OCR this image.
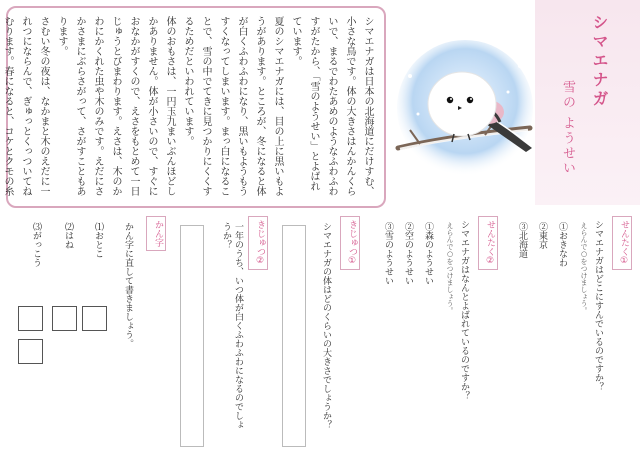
シマエナガ
雪の ようせい

シマエナガは日本の北海道にだけすむ、小さな鳥です。体の大きさはんかんくらいで、まるでわたあめのようなふわふわすがたから、「雪のようせい」とよばれています。

夏のシマエナガには、目の上に黒いもようがあります。ところが、冬になると体が白くふわふわになり、黒いもようもうすくなってしまいます。まっ白になることで、雪の中でてきに見つかりにくくするためだといわれています。

体のおもさは、一円玉九まいぶんほどしかありません。体が小さいので、すぐにおなかがすくので、えさをもとめて一日じゅうとびまわります。えさは、木のかわにかくれた虫や木のみです。えだにさかさまにぶらさがって、さがすこともあります。

さむい冬の夜は、なかまと木のえだに一れつにならんで、ぎゅっとくっついてねむります。春になると、コケとクモの糸

せんたく①
シマエナガはどこにすんでいるのですか？
えらんで○をつけましょう。
①おきなわ
②東京
③北海道
せんたく②
シマエナガはなんとよばれているのですか？
えらんで○をつけましょう。
①森のようせい
②空のようせい
③雪のようせい
きじゅつ①
シマエナガの体はどのくらいの大きさでしょうか？
きじゅつ②
一年のうち、いつ体が白くふわふわになるのでしょうか？
かん字
かん字に直して書きましょう。
⑴おとこ
⑵はね
⑶がっこう
